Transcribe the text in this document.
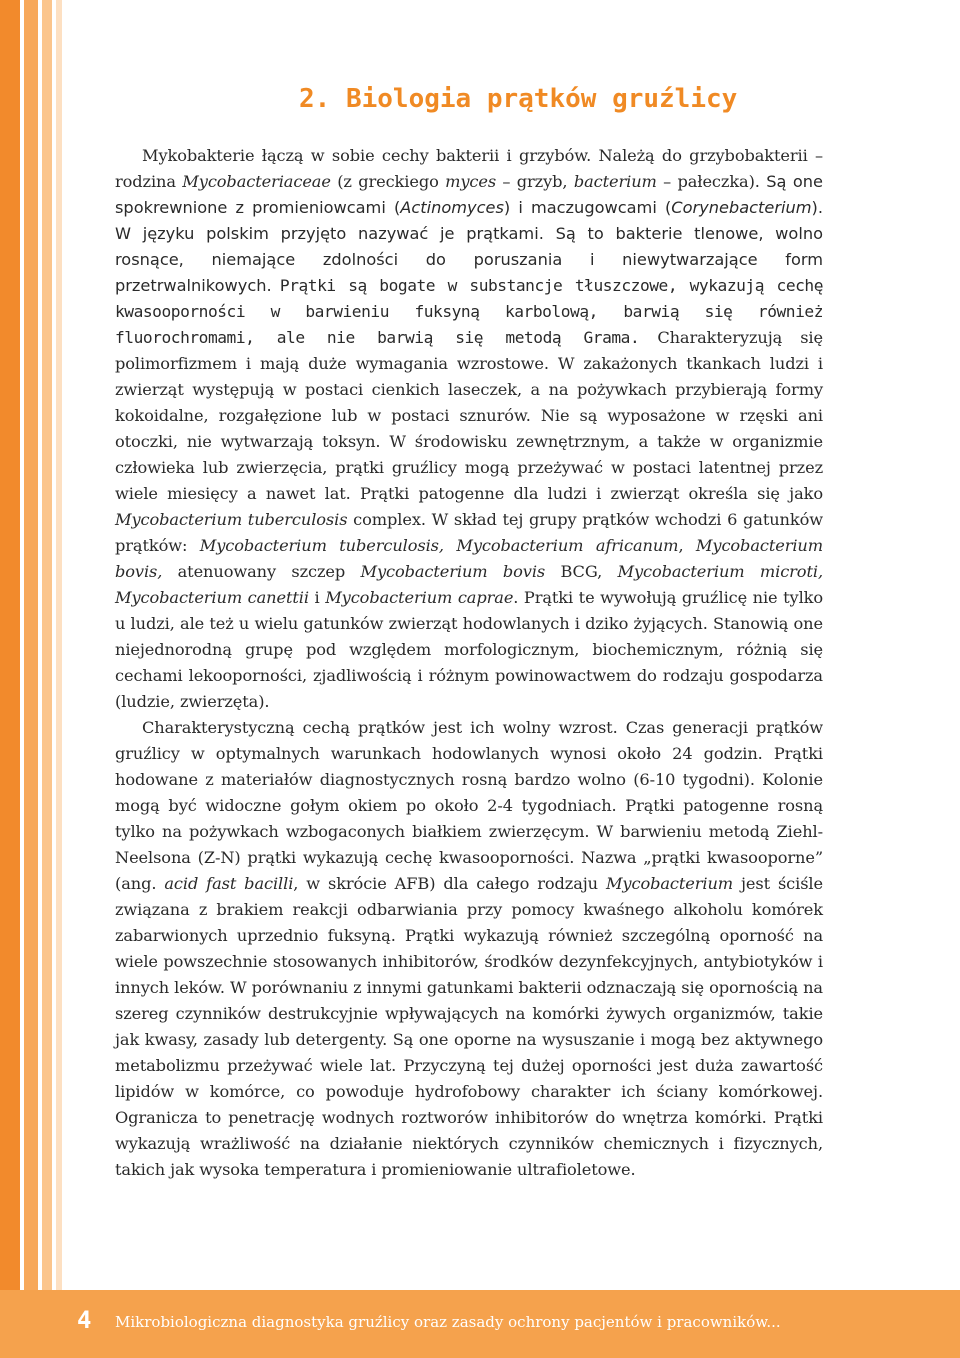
2. Biologia prątków gruźlicy

Mykobakterie łączą w sobie cechy bakterii i grzybów. Należą do grzybobakterii – rodzina Mycobacteriaceae (z greckiego myces – grzyb, bacterium – pałeczka). Są one spokrewnione z promieniowcami (Actinomyces) i maczugowcami (Corynebacterium). W języku polskim przyjęto nazywać je prątkami. Są to bakterie tlenowe, wolno rosnące, niemające zdolności do poruszania i niewytwarzające form przetrwalnikowych. Prątki są bogate w substancje tłuszczowe, wykazują cechę kwasooporności w barwieniu fuksyną karbolową, barwią się również fluorochromami, ale nie barwią się metodą Grama. Charakteryzują się polimorfizmem i mają duże wymagania wzrostowe. W zakażonych tkankach ludzi i zwierząt występują w postaci cienkich laseczek, a na pożywkach przybierają formy kokoidalne, rozgałęzione lub w postaci sznurów. Nie są wyposażone w rzęski ani otoczki, nie wytwarzają toksyn. W środowisku zewnętrznym, a także w organizmie człowieka lub zwierzęcia, prątki gruźlicy mogą przeżywać w postaci latentnej przez wiele miesięcy a nawet lat. Prątki patogenne dla ludzi i zwierząt określa się jako Mycobacterium tuberculosis complex. W skład tej grupy prątków wchodzi 6 gatunków prątków: Mycobacterium tuberculosis, Mycobacterium africanum, Mycobacterium bovis, atenuowany szczep Mycobacterium bovis BCG, Mycobacterium microti, Mycobacterium canettii i Mycobacterium caprae. Prątki te wywołują gruźlicę nie tylko u ludzi, ale też u wielu gatunków zwierząt hodowlanych i dziko żyjących. Stanowią one niejednorodną grupę pod względem morfologicznym, biochemicznym, różnią się cechami lekooporności, zjadliwością i różnym powinowactwem do rodzaju gospodarza (ludzie, zwierzęta).

Charakterystyczną cechą prątków jest ich wolny wzrost. Czas generacji prątków gruźlicy w optymalnych warunkach hodowlanych wynosi około 24 godzin. Prątki hodowane z materiałów diagnostycznych rosną bardzo wolno (6-10 tygodni). Kolonie mogą być widoczne gołym okiem po około 2-4 tygodniach. Prątki patogenne rosną tylko na pożywkach wzbogaconych białkiem zwierzęcym. W barwieniu metodą Ziehl-Neelsona (Z-N) prątki wykazują cechę kwasooporności. Nazwa „prątki kwasooporne” (ang. acid fast bacilli, w skrócie AFB) dla całego rodzaju Mycobacterium jest ściśle związana z brakiem reakcji odbarwiania przy pomocy kwaśnego alkoholu komórek zabarwionych uprzednio fuksyną. Prątki wykazują również szczególną oporność na wiele powszechnie stosowanych inhibitorów, środków dezynfekcyjnych, antybiotyków i innych leków. W porównaniu z innymi gatunkami bakterii odznaczają się opornością na szereg czynników destrukcyjnie wpływających na komórki żywych organizmów, takie jak kwasy, zasady lub detergenty. Są one oporne na wysuszanie i mogą bez aktywnego metabolizmu przeżywać wiele lat. Przyczyną tej dużej oporności jest duża zawartość lipidów w komórce, co powoduje hydrofobowy charakter ich ściany komórkowej. Ogranicza to penetrację wodnych roztworów inhibitorów do wnętrza komórki. Prątki wykazują wrażliwość na działanie niektórych czynników chemicznych i fizycznych, takich jak wysoka temperatura i promieniowanie ultrafioletowe.

4 Mikrobiologiczna diagnostyka gruźlicy oraz zasady ochrony pacjentów i pracowników...
